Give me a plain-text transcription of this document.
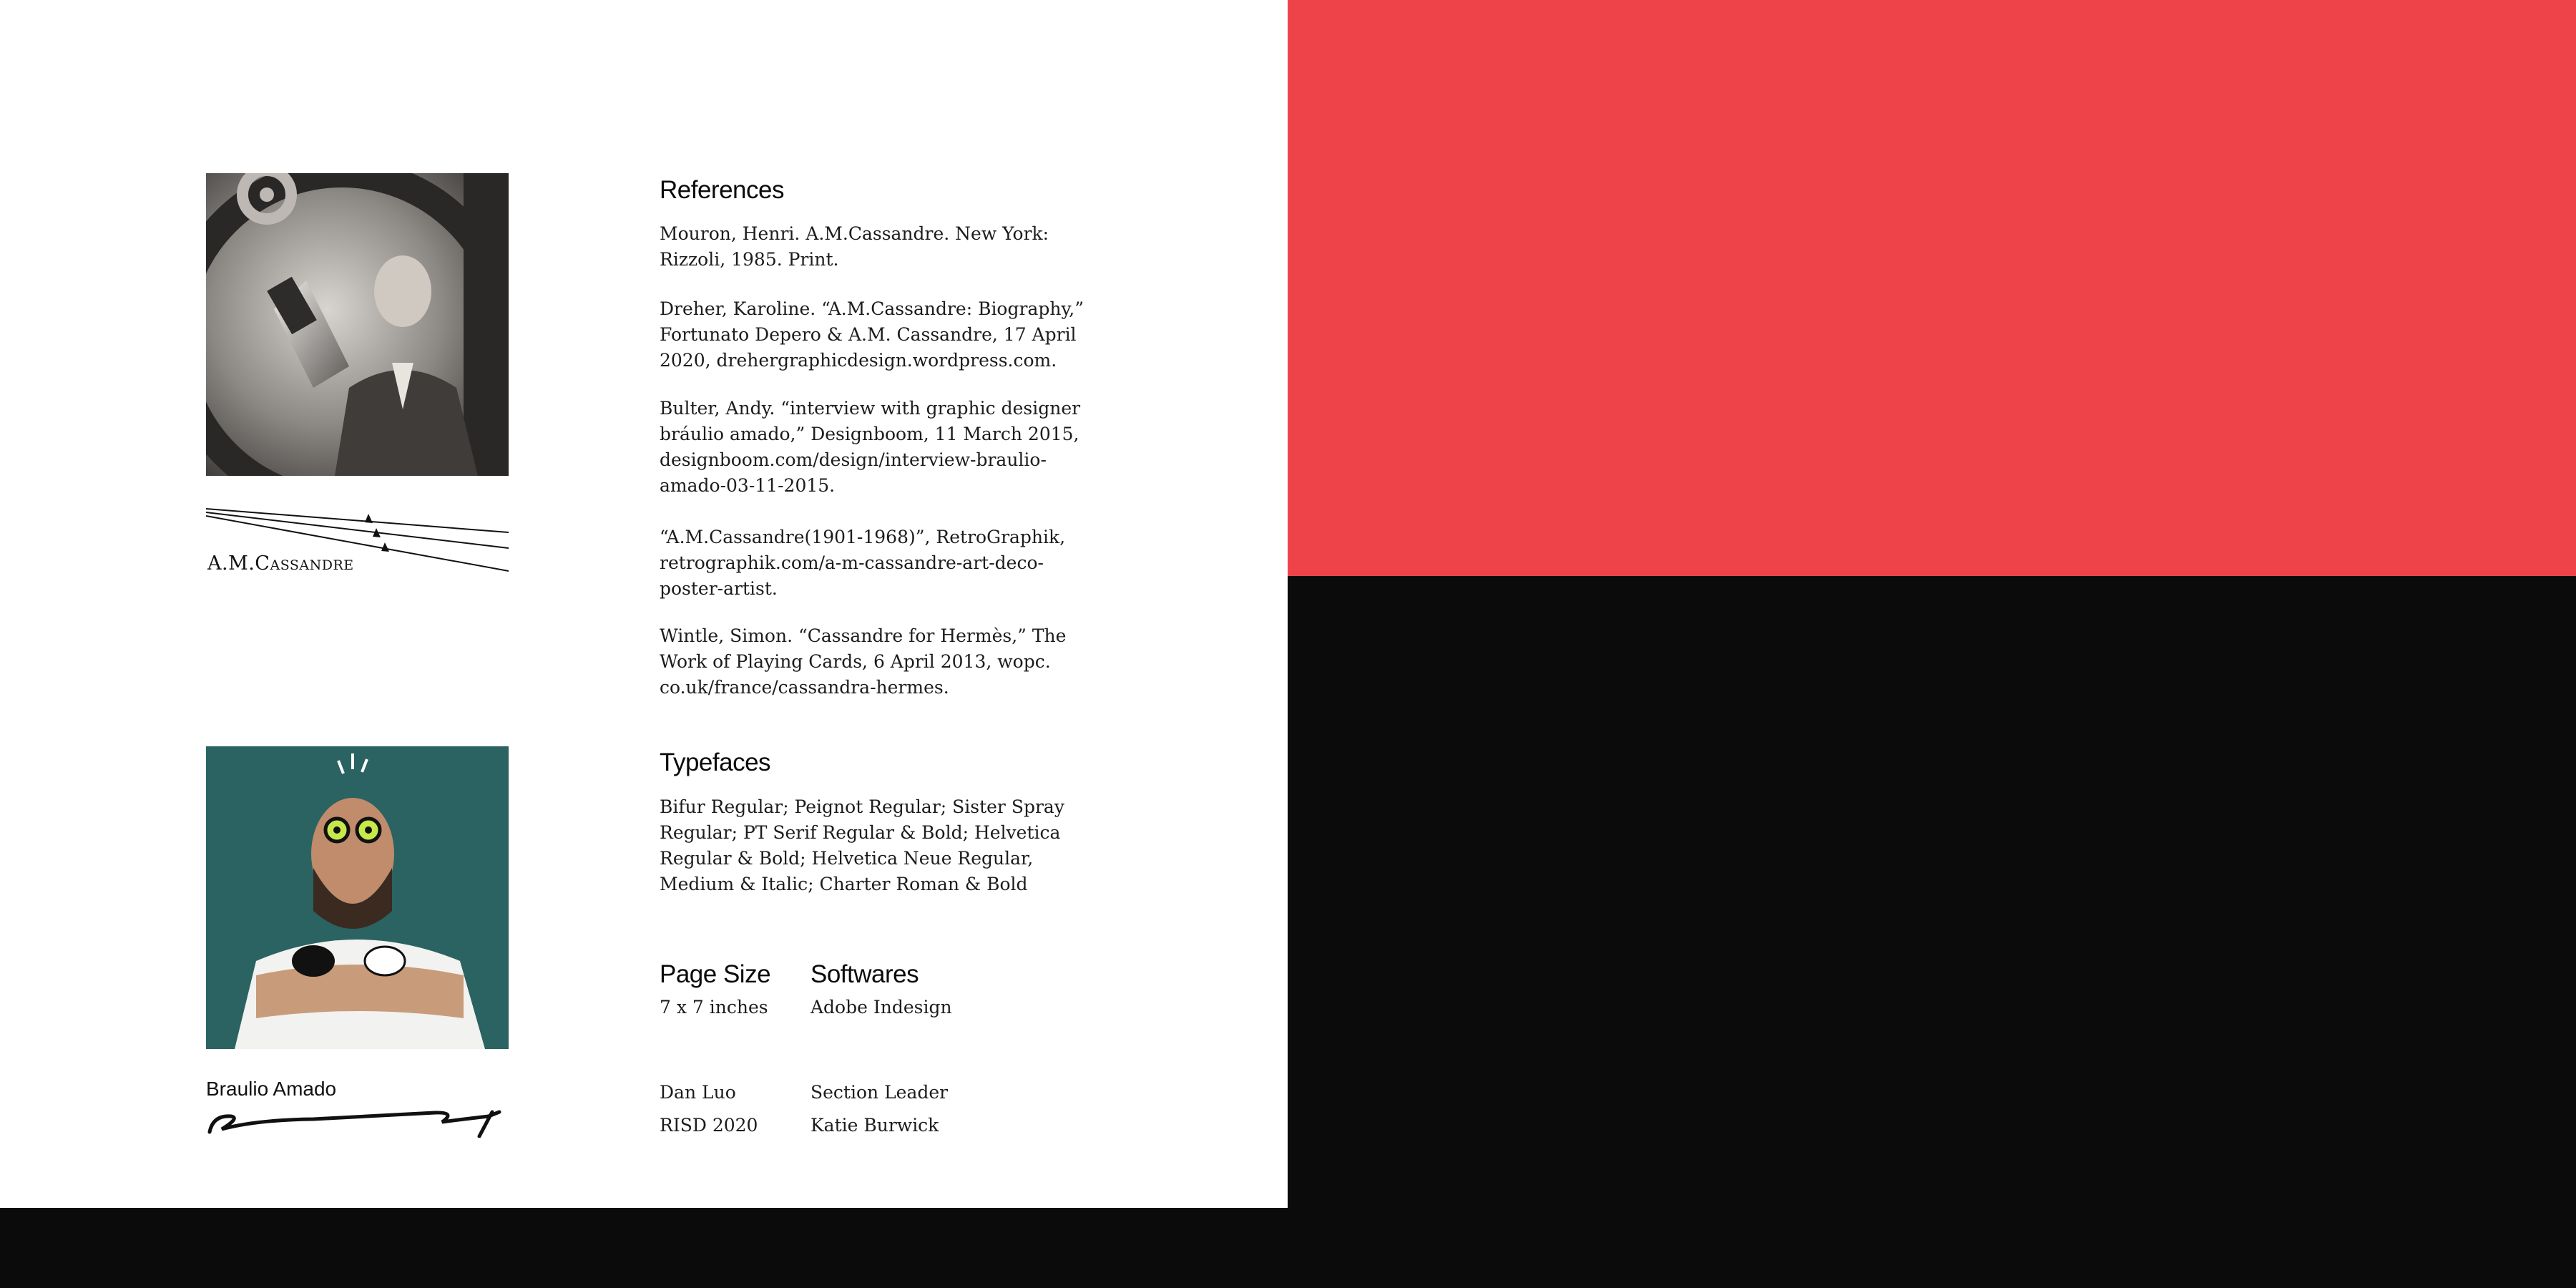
A.M.Cassandre
Braulio Amado
References
Mouron, Henri. A.M.Cassandre. New York:
Rizzoli, 1985. Print.
Dreher, Karoline. “A.M.Cassandre: Biography,”
Fortunato Depero & A.M. Cassandre, 17 April
2020, drehergraphicdesign.wordpress.com.
Bulter, Andy. “interview with graphic designer
bráulio amado,” Designboom, 11 March 2015,
designboom.com/design/interview-braulio-
amado-03-11-2015.
“A.M.Cassandre(1901-1968)”, RetroGraphik,
retrographik.com/a-m-cassandre-art-deco-
poster-artist.
Wintle, Simon. “Cassandre for Hermès,” The
Work of Playing Cards, 6 April 2013, wopc.
co.uk/france/cassandra-hermes.
Typefaces
Bifur Regular; Peignot Regular; Sister Spray
Regular; PT Serif Regular & Bold; Helvetica
Regular & Bold; Helvetica Neue Regular,
Medium & Italic; Charter Roman & Bold
Page Size
7 x 7 inches
Softwares
Adobe Indesign
Dan Luo
RISD 2020
Section Leader
Katie Burwick
